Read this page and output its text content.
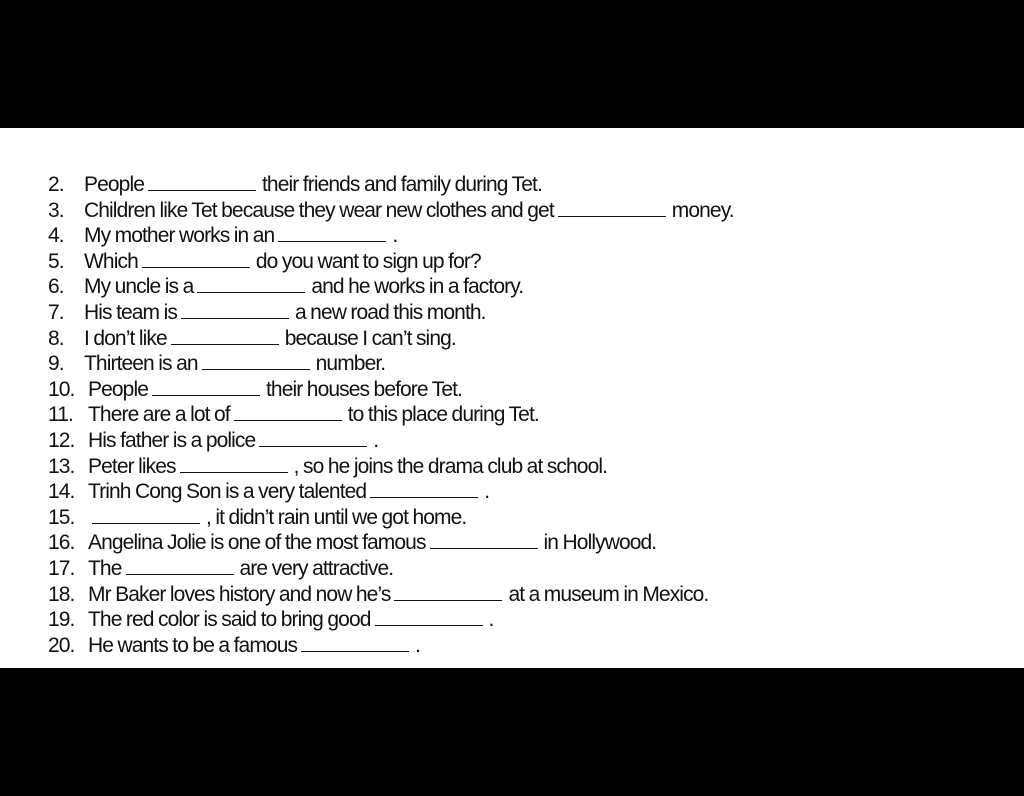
2. People	their friends and family during Tet.
3. Children like Tet because they wear new clothes and get	money.
4. My mother works in an	.
5. Which	do you want to sign up for?
6. My uncle is a	and he works in a factory.
7. His team is	a new road this month.
8. I don’t like	because I can’t sing.
9. Thirteen is an	number.
10. People	their houses before Tet.
11. There are a lot of	to this place during Tet.
12. His father is a police	.
13. Peter likes	, so he joins the drama club at school.
14. Trinh Cong Son is a very talented	.
15.	, it didn’t rain until we got home.
16. Angelina Jolie is one of the most famous	in Hollywood.
17. The	are very attractive.
18. Mr Baker loves history and now he’s	at a museum in Mexico.
19. The red color is said to bring good	.
20. He wants to be a famous	.
